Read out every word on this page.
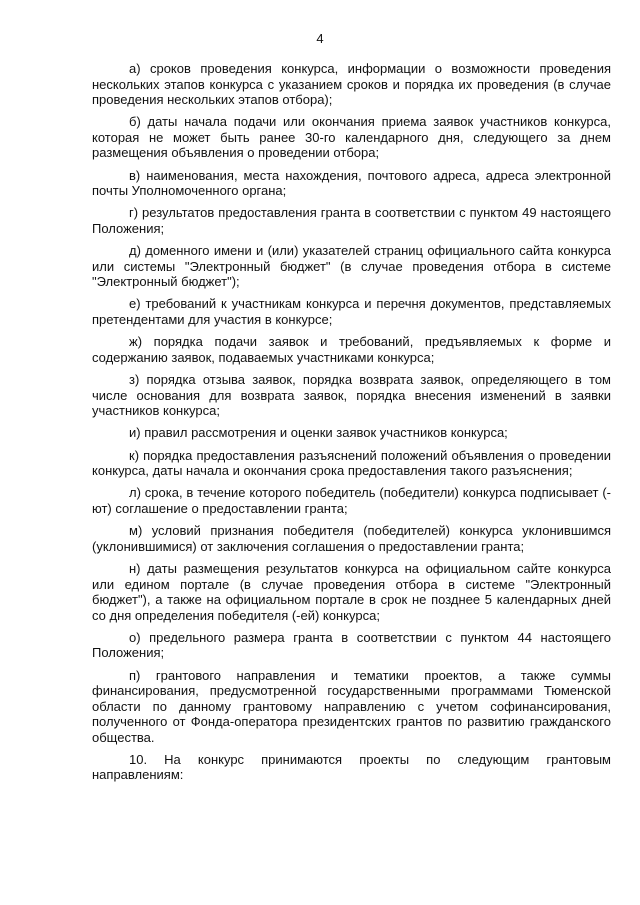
4

а) сроков проведения конкурса, информации о возможности проведения нескольких этапов конкурса с указанием сроков и порядка их проведения (в случае проведения нескольких этапов отбора);

б) даты начала подачи или окончания приема заявок участников конкурса, которая не может быть ранее 30-го календарного дня, следующего за днем размещения объявления о проведении отбора;

в) наименования, места нахождения, почтового адреса, адреса электронной почты Уполномоченного органа;

г) результатов предоставления гранта в соответствии с пунктом 49 настоящего Положения;

д) доменного имени и (или) указателей страниц официального сайта конкурса или системы "Электронный бюджет" (в случае проведения отбора в системе "Электронный бюджет");

е) требований к участникам конкурса и перечня документов, представляемых претендентами для участия в конкурсе;

ж) порядка подачи заявок и требований, предъявляемых к форме и содержанию заявок, подаваемых участниками конкурса;

з) порядка отзыва заявок, порядка возврата заявок, определяющего в том числе основания для возврата заявок, порядка внесения изменений в заявки участников конкурса;

и) правил рассмотрения и оценки заявок участников конкурса;

к) порядка предоставления разъяснений положений объявления о проведении конкурса, даты начала и окончания срока предоставления такого разъяснения;

л) срока, в течение которого победитель (победители) конкурса подписывает (-ют) соглашение о предоставлении гранта;

м) условий признания победителя (победителей) конкурса уклонившимся (уклонившимися) от заключения соглашения о предоставлении гранта;

н) даты размещения результатов конкурса на официальном сайте конкурса или едином портале (в случае проведения отбора в системе "Электронный бюджет"), а также на официальном портале в срок не позднее 5 календарных дней со дня определения победителя (-ей) конкурса;

о) предельного размера гранта в соответствии с пунктом 44 настоящего Положения;

п) грантового направления и тематики проектов, а также суммы финансирования, предусмотренной государственными программами Тюменской области по данному грантовому направлению с учетом софинансирования, полученного от Фонда-оператора президентских грантов по развитию гражданского общества.

10. На конкурс принимаются проекты по следующим грантовым направлениям:
